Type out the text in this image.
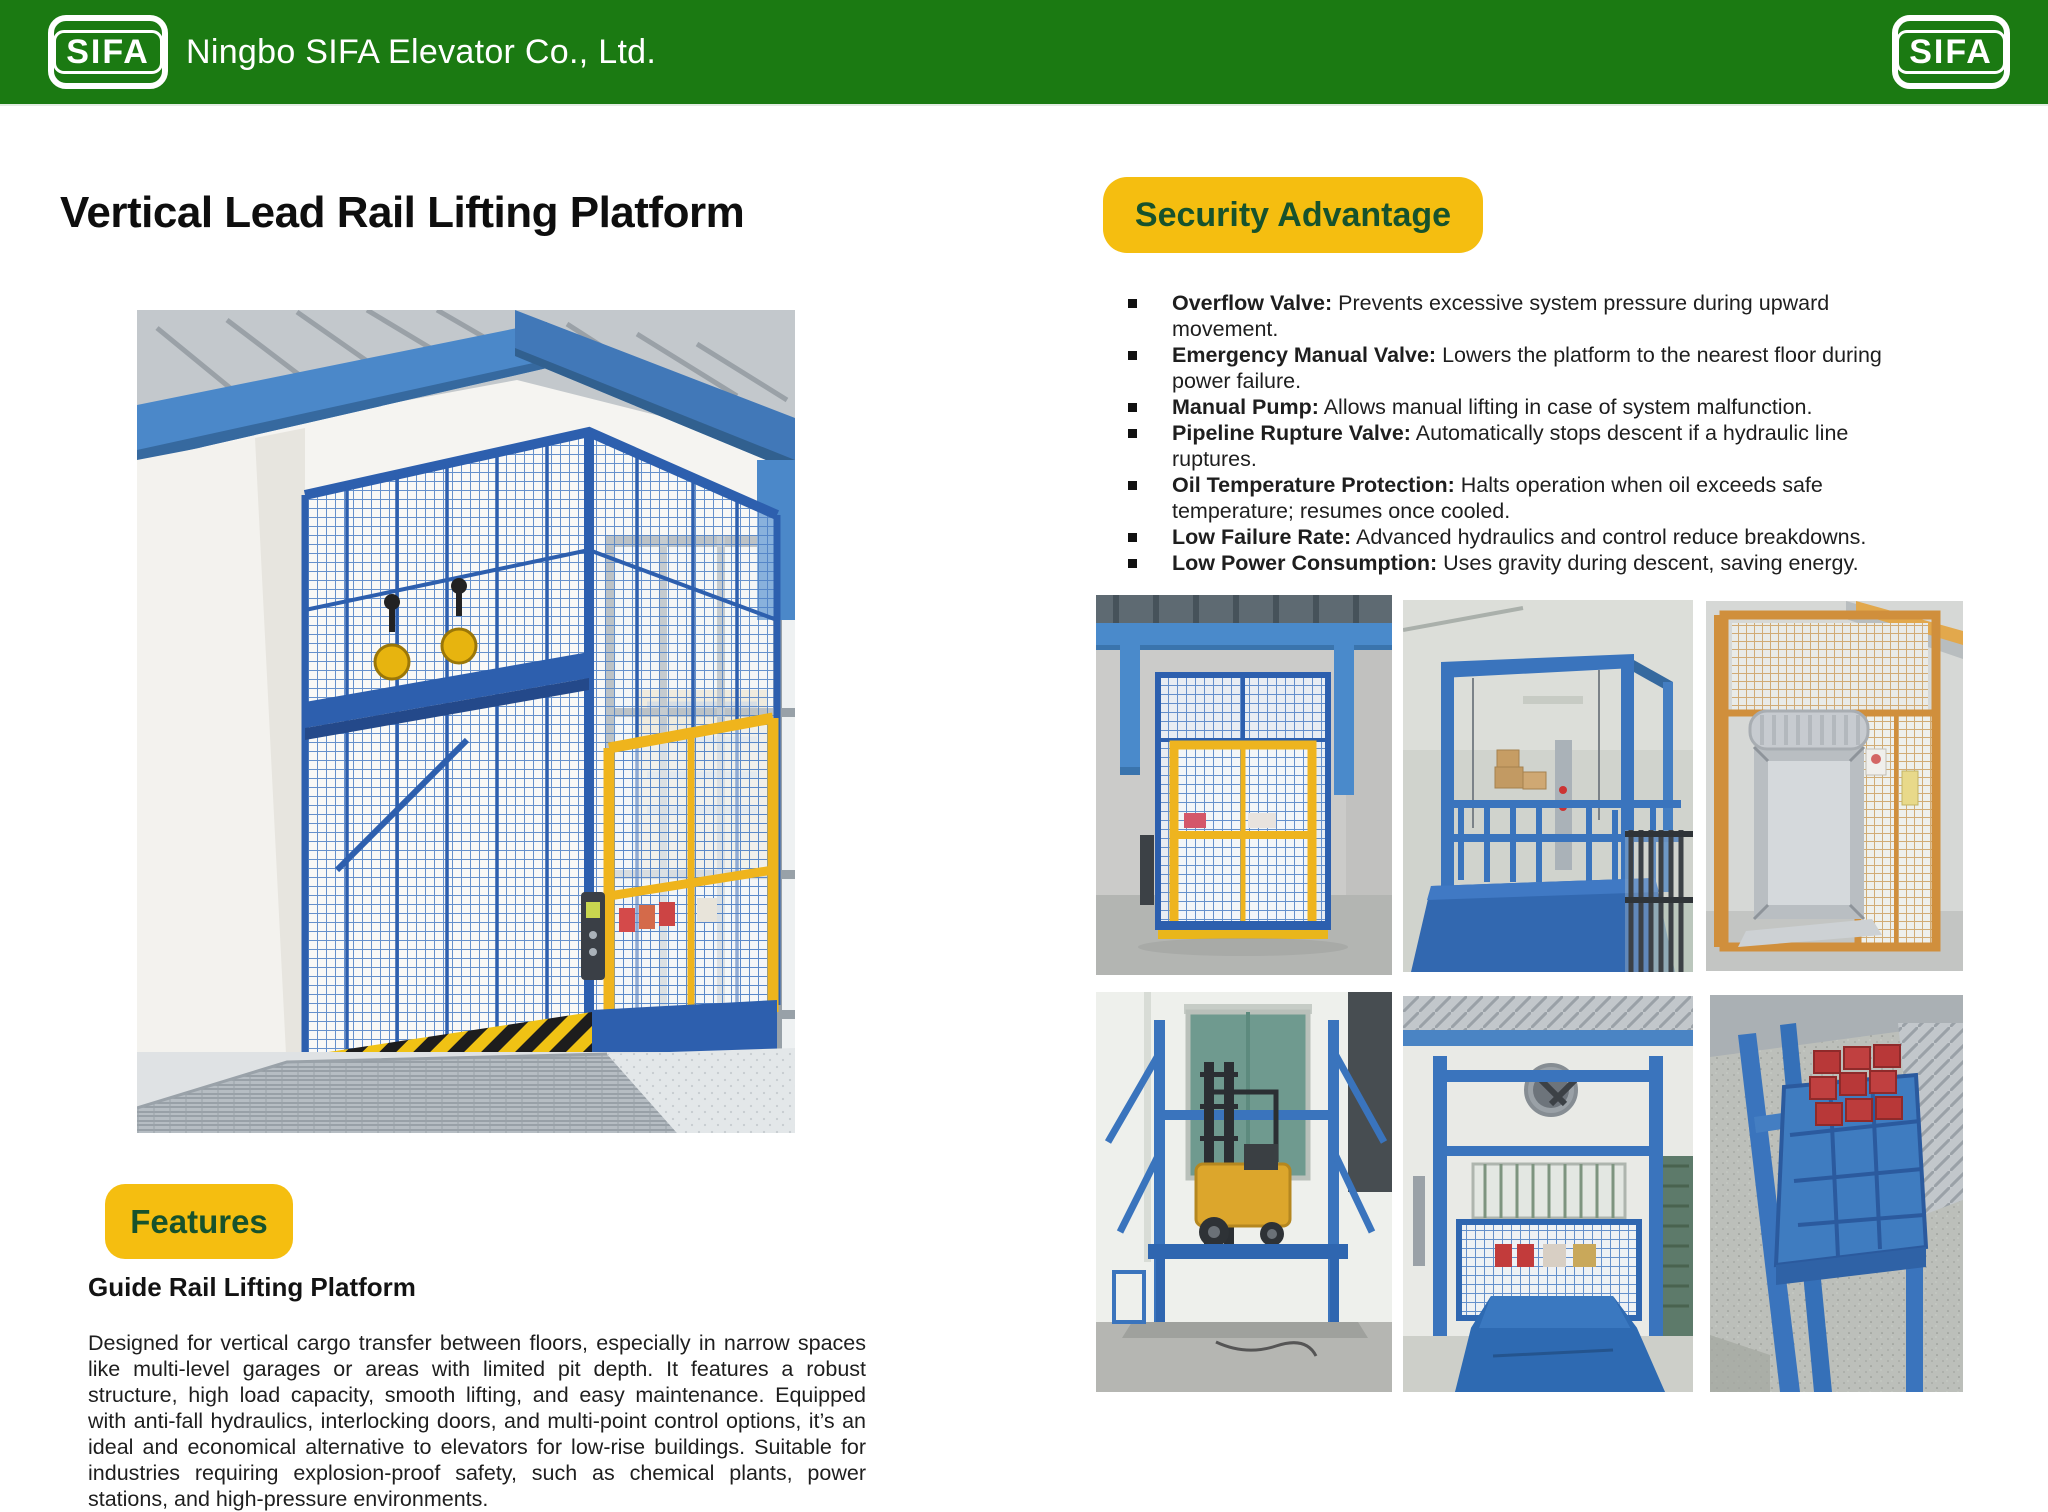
SIFA Ningbo SIFA Elevator Co., Ltd.	SIFA
Vertical Lead Rail Lifting Platform
Features
Guide Rail Lifting Platform

Designed for vertical cargo transfer between floors, especially in narrow spaces like multi-level garages or areas with limited pit depth. It features a robust structure, high load capacity, smooth lifting, and easy maintenance. Equipped with anti-fall hydraulics, interlocking doors, and multi-point control options, it’s an ideal and economical alternative to elevators for low-rise buildings. Suitable for industries requiring explosion-proof safety, such as chemical plants, power stations, and high-pressure environments.

Security Advantage

Overflow Valve: Prevents excessive system pressure during upward movement.

Emergency Manual Valve: Lowers the platform to the nearest floor during power failure.

Manual Pump: Allows manual lifting in case of system malfunction.

Pipeline Rupture Valve: Automatically stops descent if a hydraulic line ruptures.

Oil Temperature Protection: Halts operation when oil exceeds safe temperature; resumes once cooled.

Low Failure Rate: Advanced hydraulics and control reduce breakdowns.

Low Power Consumption: Uses gravity during descent, saving energy.
